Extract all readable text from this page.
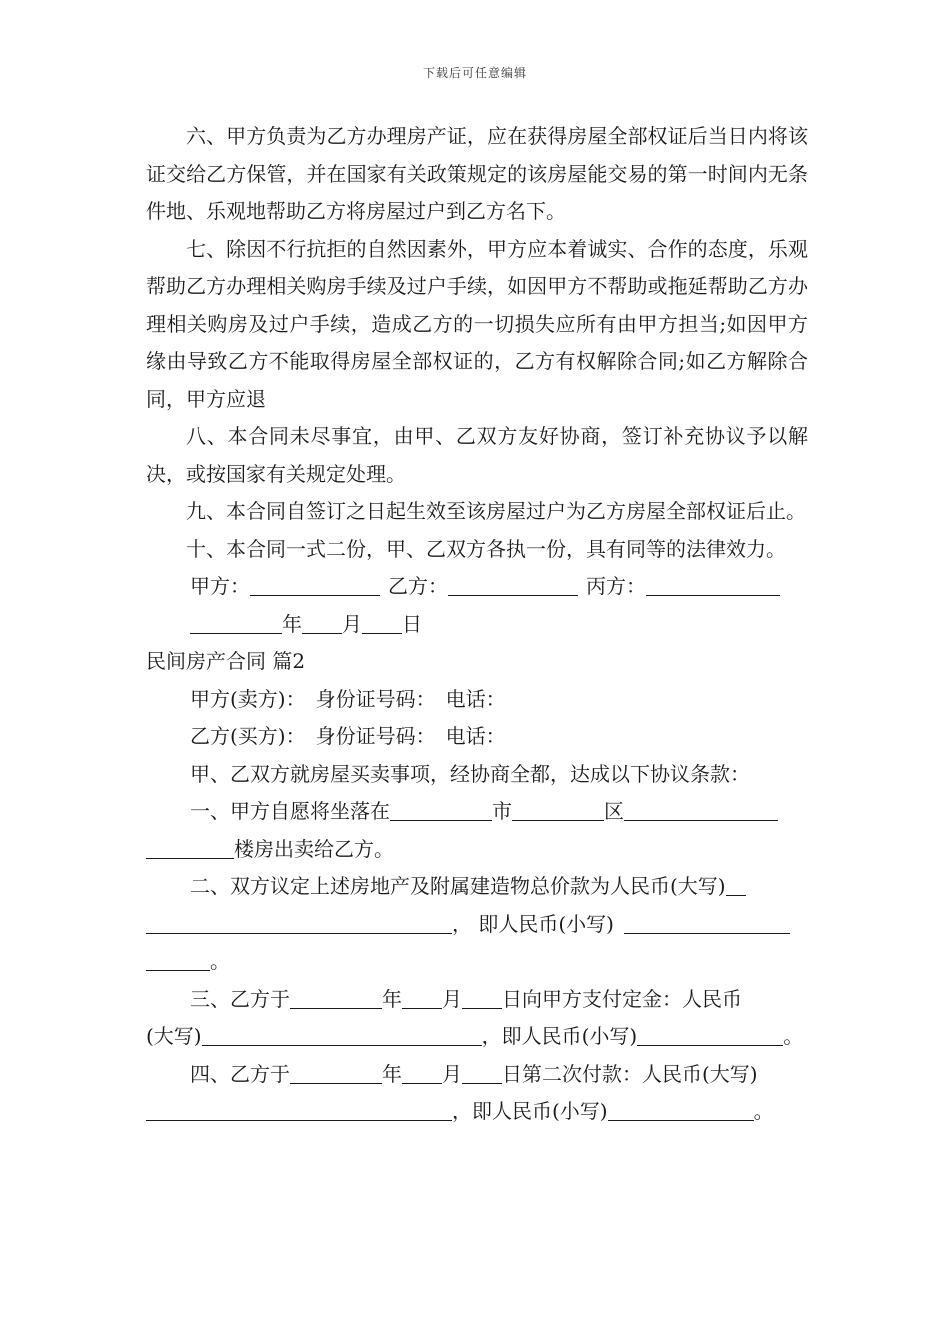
下载后可任意编辑

六、甲方负责为乙方办理房产证，应在获得房屋全部权证后当日内将该证交给乙方保管，并在国家有关政策规定的该房屋能交易的第一时间内无条件地、乐观地帮助乙方将房屋过户到乙方名下。

七、除因不行抗拒的自然因素外，甲方应本着诚实、合作的态度，乐观帮助乙方办理相关购房手续及过户手续，如因甲方不帮助或拖延帮助乙方办理相关购房及过户手续，造成乙方的一切损失应所有由甲方担当;如因甲方缘由导致乙方不能取得房屋全部权证的，乙方有权解除合同;如乙方解除合同，甲方应退

八、本合同未尽事宜，由甲、乙双方友好协商，签订补充协议予以解决，或按国家有关规定处理。

九、本合同自签订之日起生效至该房屋过户为乙方房屋全部权证后止。

十、本合同一式二份，甲、乙双方各执一份，具有同等的法律效力。

甲方：	乙方：	丙方：
年 月 日
民间房产合同 篇2
甲方(卖方)： 身份证号码： 电话：
乙方(买方)： 身份证号码： 电话：
甲、乙双方就房屋买卖事项，经协商全都，达成以下协议条款：
一、甲方自愿将坐落在	市	区
楼房出卖给乙方。
二、双方议定上述房地产及附属建造物总价款为人民币(大写)
， 即人民币(小写)
。
三、乙方于	年 月 日向甲方支付定金：人民币
(大写)	，即人民币(小写)	。
四、乙方于	年 月 日第二次付款：人民币(大写)
，即人民币(小写)	。
